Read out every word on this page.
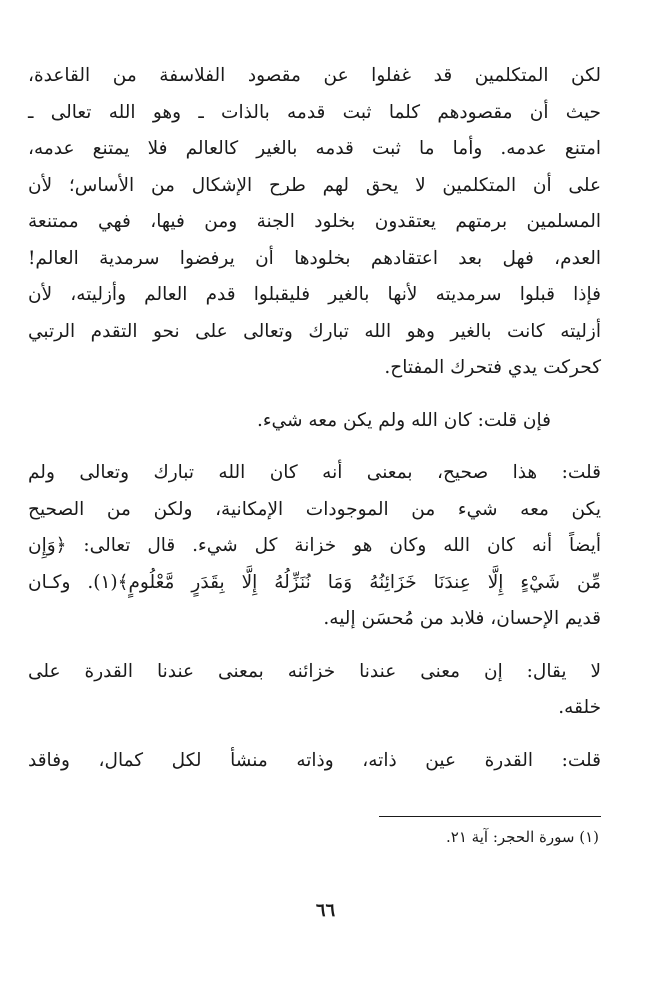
لكن المتكلمين قد غفلوا عن مقصود الفلاسفة من القاعدة،
حيث أن مقصودهم كلما ثبت قدمه بالذات ـ وهو الله تعالى ـ
امتنع عدمه. وأما ما ثبت قدمه بالغير كالعالم فلا يمتنع عدمه،
على أن المتكلمين لا يحق لهم طرح الإشكال من الأساس؛ لأن
المسلمين برمتهم يعتقدون بخلود الجنة ومن فيها، فهي ممتنعة
العدم، فهل بعد اعتقادهم بخلودها أن يرفضوا سرمدية العالم!
فإذا قبلوا سرمديته لأنها بالغير فليقبلوا قدم العالم وأزليته، لأن
أزليته كانت بالغير وهو الله تبارك وتعالى على نحو التقدم الرتبي
كحركت يدي فتحرك المفتاح.
فإن قلت: كان الله ولم يكن معه شيء.
قلت: هذا صحيح، بمعنى أنه كان الله تبارك وتعالى ولم
يكن معه شيء من الموجودات الإمكانية، ولكن من الصحيح
أيضاً أنه كان الله وكان هو خزانة كل شيء. قال تعالى: ﴿وَإِن
مِّن شَيْءٍ إِلَّا عِندَنَا خَزَائِنُهُ وَمَا نُنَزِّلُهُ إِلَّا بِقَدَرٍ مَّعْلُومٍ﴾(١). وكـان
قديم الإحسان، فلابد من مُحسَن إليه.
لا يقال: إن معنى عندنا خزائنه بمعنى عندنا القدرة على
خلقه.
قلت: القدرة عين ذاته، وذاته منشأ لكل كمال، وفاقد
(١) سورة الحجر: آية ٢١.
٦٦
